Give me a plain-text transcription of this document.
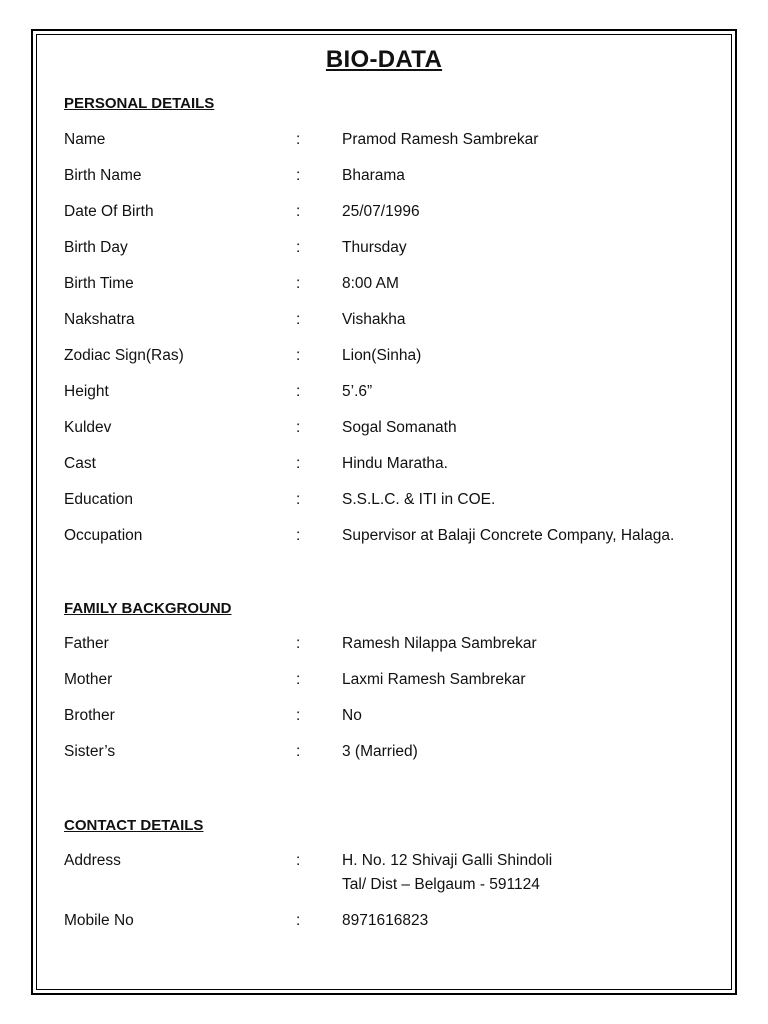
BIO-DATA
PERSONAL DETAILS
Name	:	Pramod Ramesh Sambrekar
Birth Name	:	Bharama
Date Of Birth	:	25/07/1996
Birth Day	:	Thursday
Birth Time	:	8:00 AM
Nakshatra	:	Vishakha
Zodiac Sign(Ras)	:	Lion(Sinha)
Height	:	5’.6”
Kuldev	:	Sogal Somanath
Cast	:	Hindu Maratha.
Education	:	S.S.L.C. & ITI in COE.
Occupation	:	Supervisor at Balaji Concrete Company, Halaga.
FAMILY BACKGROUND
Father	:	Ramesh Nilappa Sambrekar
Mother	:	Laxmi Ramesh Sambrekar
Brother	:	No
Sister’s	:	3 (Married)
CONTACT DETAILS
Address	:	H. No. 12 Shivaji Galli Shindoli
Tal/ Dist – Belgaum - 591124
Mobile No	:	8971616823
